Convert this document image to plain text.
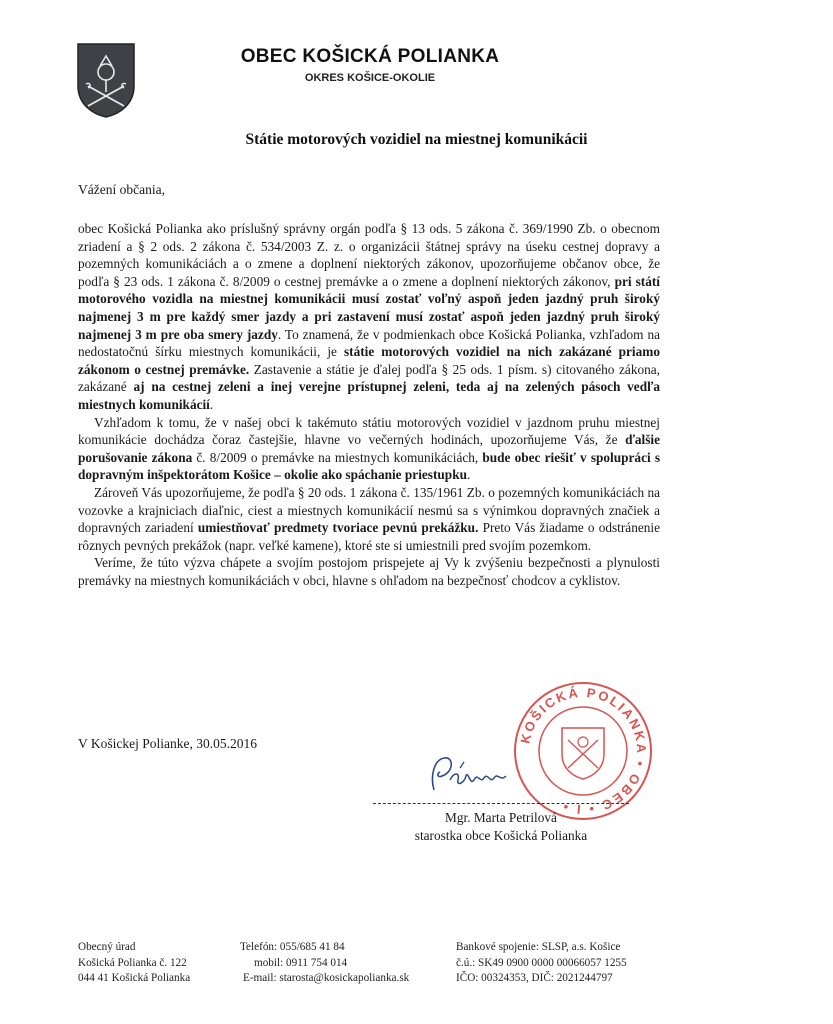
OBEC KOŠICKÁ POLIANKA
OKRES KOŠICE-OKOLIE
Státie motorových vozidiel na miestnej komunikácii
Vážení občania,

obec Košická Polianka ako príslušný správny orgán podľa § 13 ods. 5 zákona č. 369/1990 Zb. o obecnom zriadení a § 2 ods. 2 zákona č. 534/2003 Z. z. o organizácii štátnej správy na úseku cestnej dopravy a pozemných komunikáciách a o zmene a doplnení niektorých zákonov, upozorňujeme občanov obce, že podľa § 23 ods. 1 zákona č. 8/2009 o cestnej premávke a o zmene a doplnení niektorých zákonov, pri státí motorového vozidla na miestnej komunikácii musí zostať voľný aspoň jeden jazdný pruh široký najmenej 3 m pre každý smer jazdy a pri zastavení musí zostať aspoň jeden jazdný pruh široký najmenej 3 m pre oba smery jazdy. To znamená, že v podmienkach obce Košická Polianka, vzhľadom na nedostatočnú šírku miestnych komunikácii, je státie motorových vozidiel na nich zakázané priamo zákonom o cestnej premávke. Zastavenie a státie je ďalej podľa § 25 ods. 1 písm. s) citovaného zákona, zakázané aj na cestnej zeleni a inej verejne prístupnej zeleni, teda aj na zelených pásoch vedľa miestnych komunikácií.

Vzhľadom k tomu, že v našej obci k takémuto státiu motorových vozidiel v jazdnom pruhu miestnej komunikácie dochádza čoraz častejšie, hlavne vo večerných hodinách, upozorňujeme Vás, že ďalšie porušovanie zákona č. 8/2009 o premávke na miestnych komunikáciách, bude obec riešiť v spolupráci s dopravným inšpektorátom Košice – okolie ako spáchanie priestupku.

Zároveň Vás upozorňujeme, že podľa § 20 ods. 1 zákona č. 135/1961 Zb. o pozemných komunikáciách na vozovke a krajniciach diaľnic, ciest a miestnych komunikácií nesmú sa s výnimkou dopravných značiek a dopravných zariadení umiestňovať predmety tvoriace pevnú prekážku. Preto Vás žiadame o odstránenie rôznych pevných prekážok (napr. veľké kamene), ktoré ste si umiestnili pred svojím pozemkom.

Veríme, že túto výzva chápete a svojím postojom prispejete aj Vy k zvýšeniu bezpečnosti a plynulosti premávky na miestnych komunikáciách v obci, hlavne s ohľadom na bezpečnosť chodcov a cyklistov.

V Košickej Polianke, 30.05.2016	KOŠICKÁ POLIANKA • OBEC • I •
Mgr. Marta Petrilová
starostka obce Košická Polianka
Obecný úrad
Košická Polianka č. 122
044 41 Košická Polianka
Telefón: 055/685 41 84
mobil: 0911 754 014
E-mail: starosta@kosickapolianka.sk
Bankové spojenie: SLSP, a.s. Košice
č.ú.: SK49 0900 0000 00066057 1255
IČO: 00324353, DIČ: 2021244797
